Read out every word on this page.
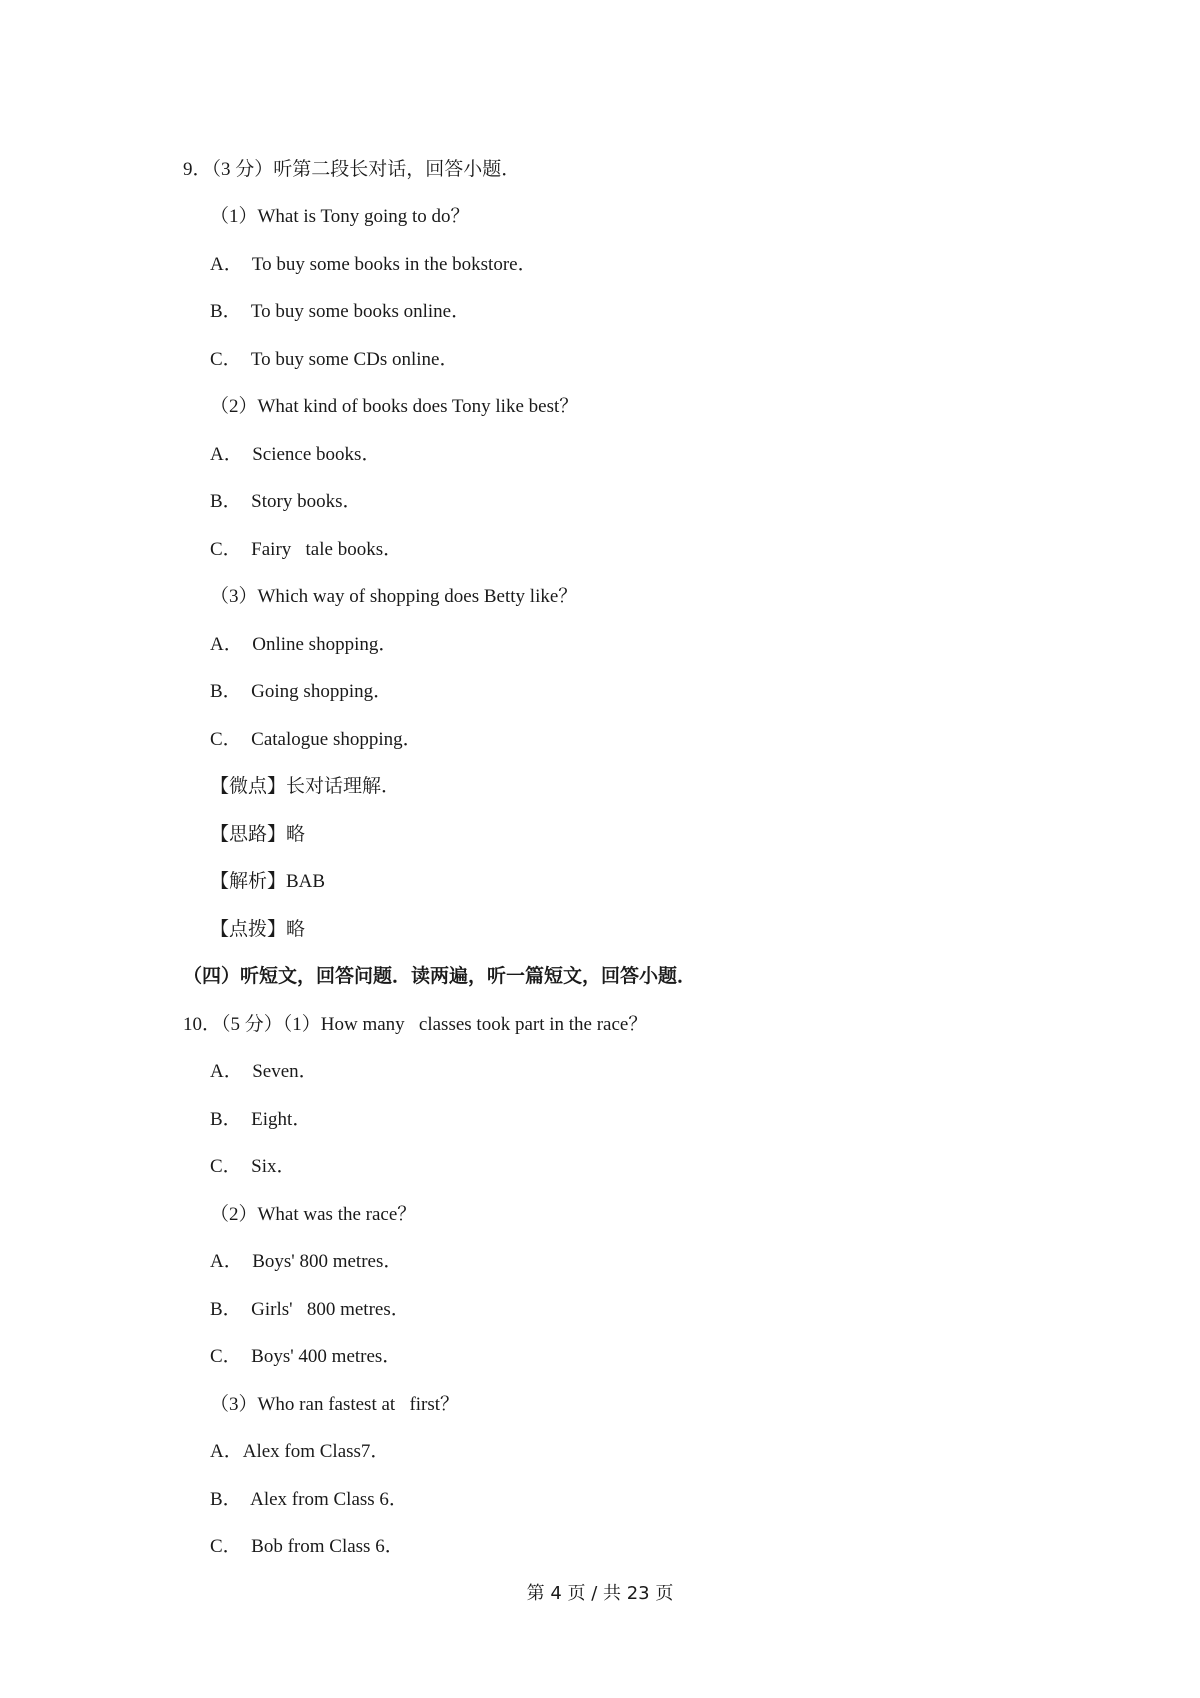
9．（3 分）听第二段长对话，回答小题．
（1）What is Tony going to do？
A．  To buy some books in the bokstore．
B．  To buy some books online．
C．  To buy some CDs online．
（2）What kind of books does Tony like best？
A．  Science books．
B．  Story books．
C．  Fairy   tale books．
（3）Which way of shopping does Betty like？
A．  Online shopping．
B．  Going shopping．
C．  Catalogue shopping．
【微点】长对话理解．
【思路】略
【解析】BAB
【点拨】略
（四）听短文，回答问题．读两遍，听一篇短文，回答小题．
10．（5 分）（1）How many   classes took part in the race？
A．  Seven．
B．  Eight．
C．  Six．
（2）What was the race？
A．  Boys' 800 metres．
B．  Girls'   800 metres．
C．  Boys' 400 metres．
（3）Who ran fastest at   first？
A．Alex fom Class7．
B．  Alex from Class 6．
C．  Bob from Class 6．
第 4 页 / 共 23 页
